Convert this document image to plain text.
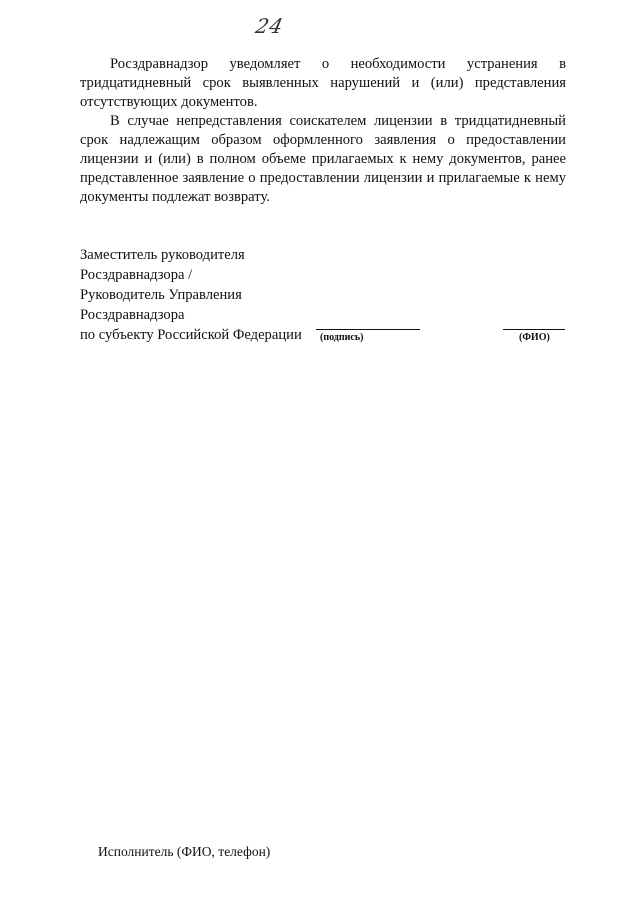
24

Росздравнадзор уведомляет о необходимости устранения в тридцатидневный срок выявленных нарушений и (или) представления отсутствующих документов.

В случае непредставления соискателем лицензии в тридцатидневный срок надлежащим образом оформленного заявления о предоставлении лицензии и (или) в полном объеме прилагаемых к нему документов, ранее представленное заявление о предоставлении лицензии и прилагаемые к нему документы подлежат возврату.

Заместитель руководителя
Росздравнадзора /
Руководитель Управления
Росздравнадзора
по субъекту Российской Федерации	(подпись)	(ФИО)
Исполнитель (ФИО, телефон)
